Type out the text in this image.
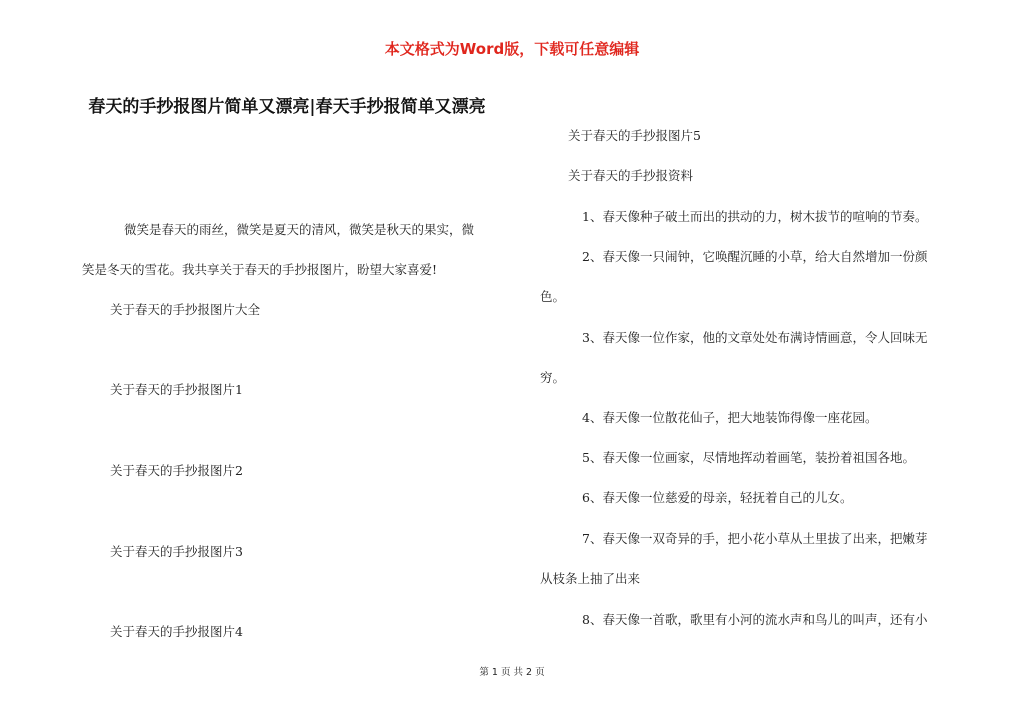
本文格式为Word版，下载可任意编辑
春天的手抄报图片简单又漂亮|春天手抄报简单又漂亮
微笑是春天的雨丝，微笑是夏天的清风，微笑是秋天的果实，微
笑是冬天的雪花。我共享关于春天的手抄报图片，盼望大家喜爱!
关于春天的手抄报图片大全
关于春天的手抄报图片1
关于春天的手抄报图片2
关于春天的手抄报图片3
关于春天的手抄报图片4
关于春天的手抄报图片5
关于春天的手抄报资料
1、春天像种子破土而出的拱动的力，树木拔节的喧响的节奏。
2、春天像一只闹钟，它唤醒沉睡的小草，给大自然增加一份颜
色。
3、春天像一位作家，他的文章处处布满诗情画意，令人回味无
穷。
4、春天像一位散花仙子，把大地装饰得像一座花园。
5、春天像一位画家，尽情地挥动着画笔，装扮着祖国各地。
6、春天像一位慈爱的母亲，轻抚着自己的儿女。
7、春天像一双奇异的手，把小花小草从土里拔了出来，把嫩芽
从枝条上抽了出来
8、春天像一首歌，歌里有小河的流水声和鸟儿的叫声，还有小
第 1 页 共 2 页
